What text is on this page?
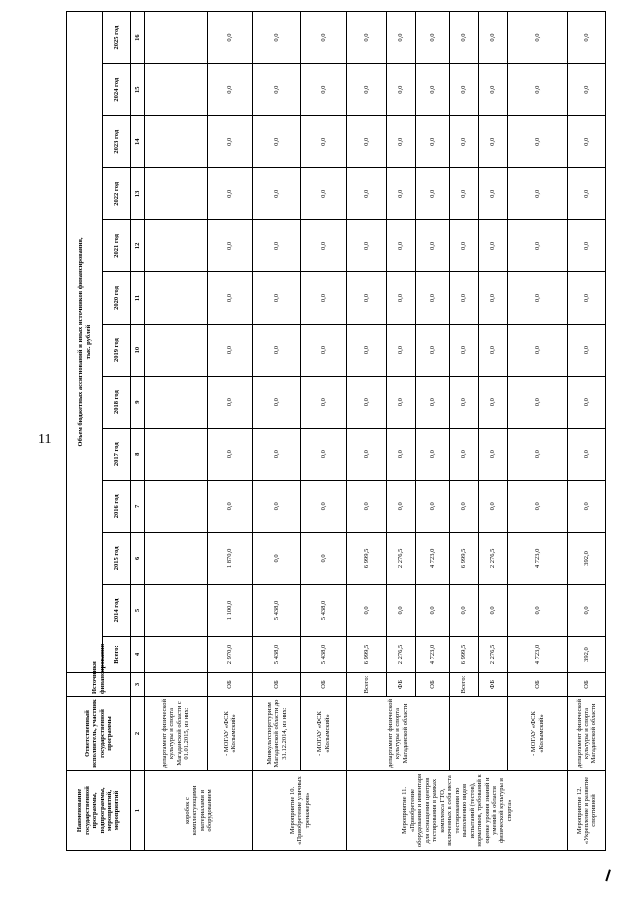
11
Наименование государственной программы, подпрограммы, мероприятий, мероприятий	Ответственный исполнитель, участник государственной программы	Источники финансирования	Объем бюджетных ассигнований и иных источников финансирования,
тыс. рублей												
			Всего:	2014 год	2015 год	2016 год	2017 год	2018 год	2019 год	2020 год	2021 год	2022 год	2023 год	2024 год	2025 год
1	2	3	4	5	6	7	8	9	10	11	12	13	14	15	16
коробок с комплектующими материалами и оборудованием	департамент физической культуры и спорта Магаданской области с 01.01.2015, из них:														
	- МОГАУ «ФСК «Колымский»	ОБ	2 970,0	1 100,0	1 870,0	0,0	0,0	0,0	0,0	0,0	0,0	0,0	0,0	0,0	0,0
Мероприятие 10. «Приобретение уличных тренажеров»	Минкультспорттуризм Магаданской области до 31.12.2014, из них:	ОБ	5 438,0	5 438,0	0,0	0,0	0,0	0,0	0,0	0,0	0,0	0,0	0,0	0,0	0,0
	- МОГАУ «ФСК «Колымский»	ОБ	5 438,0	5 438,0	0,0	0,0	0,0	0,0	0,0	0,0	0,0	0,0	0,0	0,0	0,0
Мероприятие 11. «Приобретение оборудования и инвентаря для оснащения центров тестирования в рамках комплекса ГТО, включенных в себя места тестирования по выполнению видов испытаний (тестов), нормативов, требований к оценке уровня знаний и умений в области физической культуры и спорта»	департамент физической культуры и спорта Магаданской области	Всего:	6 999,5	0,0	6 999,5	0,0	0,0	0,0	0,0	0,0	0,0	0,0	0,0	0,0	0,0
		ФБ	2 276,5	0,0	2 276,5	0,0	0,0	0,0	0,0	0,0	0,0	0,0	0,0	0,0	0,0
		ОБ	4 723,0	0,0	4 723,0	0,0	0,0	0,0	0,0	0,0	0,0	0,0	0,0	0,0	0,0
		Всего:	6 999,5	0,0	6 999,5	0,0	0,0	0,0	0,0	0,0	0,0	0,0	0,0	0,0	0,0
		ФБ	2 276,5	0,0	2 276,5	0,0	0,0	0,0	0,0	0,0	0,0	0,0	0,0	0,0	0,0
	- МОГАУ «ФСК «Колымский»	ОБ	4 723,0	0,0	4 723,0	0,0	0,0	0,0	0,0	0,0	0,0	0,0	0,0	0,0	0,0
Мероприятие 12. «Укрепление и развитие спортивной	департамент физической культуры и спорта Магаданской области	ОБ	392,0	0,0	392,0	0,0	0,0	0,0	0,0	0,0	0,0	0,0	0,0	0,0	0,0
